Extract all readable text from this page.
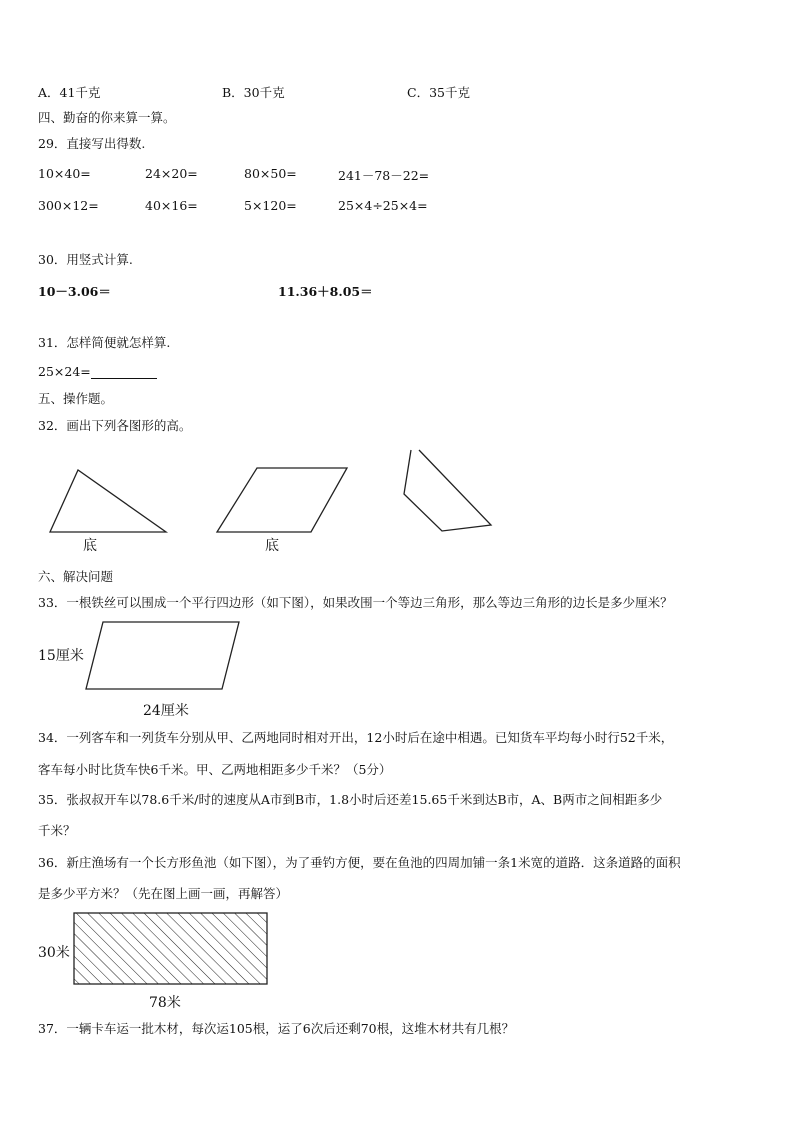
A．41千克	B．30千克	C．35千克
四、勤奋的你来算一算。
29．直接写出得数.
10×40=	24×20=	80×50=	241－78－22=
300×12=	40×16=	5×120=	25×4÷25×4=
30．用竖式计算.
10－3.06＝	11.36＋8.05＝
31．怎样简便就怎样算.
25×24=
五、操作题。
32．画出下列各图形的高。
底	底
六、解决问题
33．一根铁丝可以围成一个平行四边形（如下图），如果改围一个等边三角形，那么等边三角形的边长是多少厘米？
15厘米
24厘米
34．一列客车和一列货车分别从甲、乙两地同时相对开出，12小时后在途中相遇。已知货车平均每小时行52千米，
客车每小时比货车快6千米。甲、乙两地相距多少千米？（5分）
35．张叔叔开车以78.6千米/时的速度从A市到B市，1.8小时后还差15.65千米到达B市，A、B两市之间相距多少
千米？
36．新庄渔场有一个长方形鱼池（如下图），为了垂钓方便，要在鱼池的四周加铺一条1米宽的道路．这条道路的面积
是多少平方米？（先在图上画一画，再解答）
30米
78米
37．一辆卡车运一批木材，每次运105根，运了6次后还剩70根，这堆木材共有几根？
